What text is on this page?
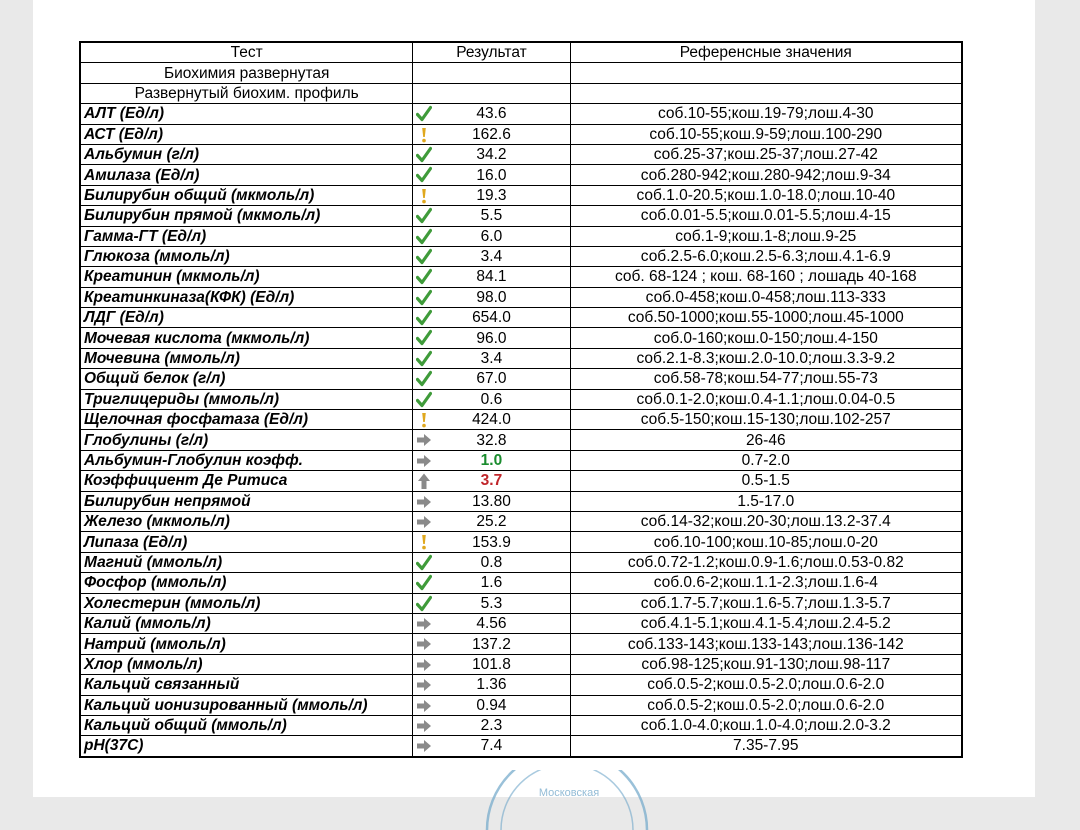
Тест	Результат	Референсные значения
Биохимия развернутая		
Развернутый биохим. профиль		
АЛТ (Ед/л)	43.6	соб.10-55;кош.19-79;лош.4-30
АСТ (Ед/л)	162.6	соб.10-55;кош.9-59;лош.100-290
Альбумин (г/л)	34.2	соб.25-37;кош.25-37;лош.27-42
Амилаза (Ед/л)	16.0	соб.280-942;кош.280-942;лош.9-34
Билирубин общий (мкмоль/л)	19.3	соб.1.0-20.5;кош.1.0-18.0;лош.10-40
Билирубин прямой (мкмоль/л)	5.5	соб.0.01-5.5;кош.0.01-5.5;лош.4-15
Гамма-ГТ (Ед/л)	6.0	соб.1-9;кош.1-8;лош.9-25
Глюкоза (ммоль/л)	3.4	соб.2.5-6.0;кош.2.5-6.3;лош.4.1-6.9
Креатинин (мкмоль/л)	84.1	соб. 68-124 ; кош. 68-160 ; лошадь 40-168
Креатинкиназа(КФК) (Ед/л)	98.0	соб.0-458;кош.0-458;лош.113-333
ЛДГ (Ед/л)	654.0	соб.50-1000;кош.55-1000;лош.45-1000
Мочевая кислота (мкмоль/л)	96.0	соб.0-160;кош.0-150;лош.4-150
Мочевина (ммоль/л)	3.4	соб.2.1-8.3;кош.2.0-10.0;лош.3.3-9.2
Общий белок (г/л)	67.0	соб.58-78;кош.54-77;лош.55-73
Триглицериды (ммоль/л)	0.6	соб.0.1-2.0;кош.0.4-1.1;лош.0.04-0.5
Щелочная фосфатаза (Ед/л)	424.0	соб.5-150;кош.15-130;лош.102-257
Глобулины (г/л)	32.8	26-46
Альбумин-Глобулин коэфф.	1.0	0.7-2.0
Коэффициент Де Ритиса	3.7	0.5-1.5
Билирубин непрямой	13.80	1.5-17.0
Железо (мкмоль/л)	25.2	соб.14-32;кош.20-30;лош.13.2-37.4
Липаза (Ед/л)	153.9	соб.10-100;кош.10-85;лош.0-20
Магний (ммоль/л)	0.8	соб.0.72-1.2;кош.0.9-1.6;лош.0.53-0.82
Фосфор (ммоль/л)	1.6	соб.0.6-2;кош.1.1-2.3;лош.1.6-4
Холестерин (ммоль/л)	5.3	соб.1.7-5.7;кош.1.6-5.7;лош.1.3-5.7
Калий (ммоль/л)	4.56	соб.4.1-5.1;кош.4.1-5.4;лош.2.4-5.2
Натрий (ммоль/л)	137.2	соб.133-143;кош.133-143;лош.136-142
Хлор (ммоль/л)	101.8	соб.98-125;кош.91-130;лош.98-117
Кальций связанный	1.36	соб.0.5-2;кош.0.5-2.0;лош.0.6-2.0
Кальций ионизированный (ммоль/л)	0.94	соб.0.5-2;кош.0.5-2.0;лош.0.6-2.0
Кальций общий (ммоль/л)	2.3	соб.1.0-4.0;кош.1.0-4.0;лош.2.0-3.2
pH(37C)	7.4	7.35-7.95
Московская
